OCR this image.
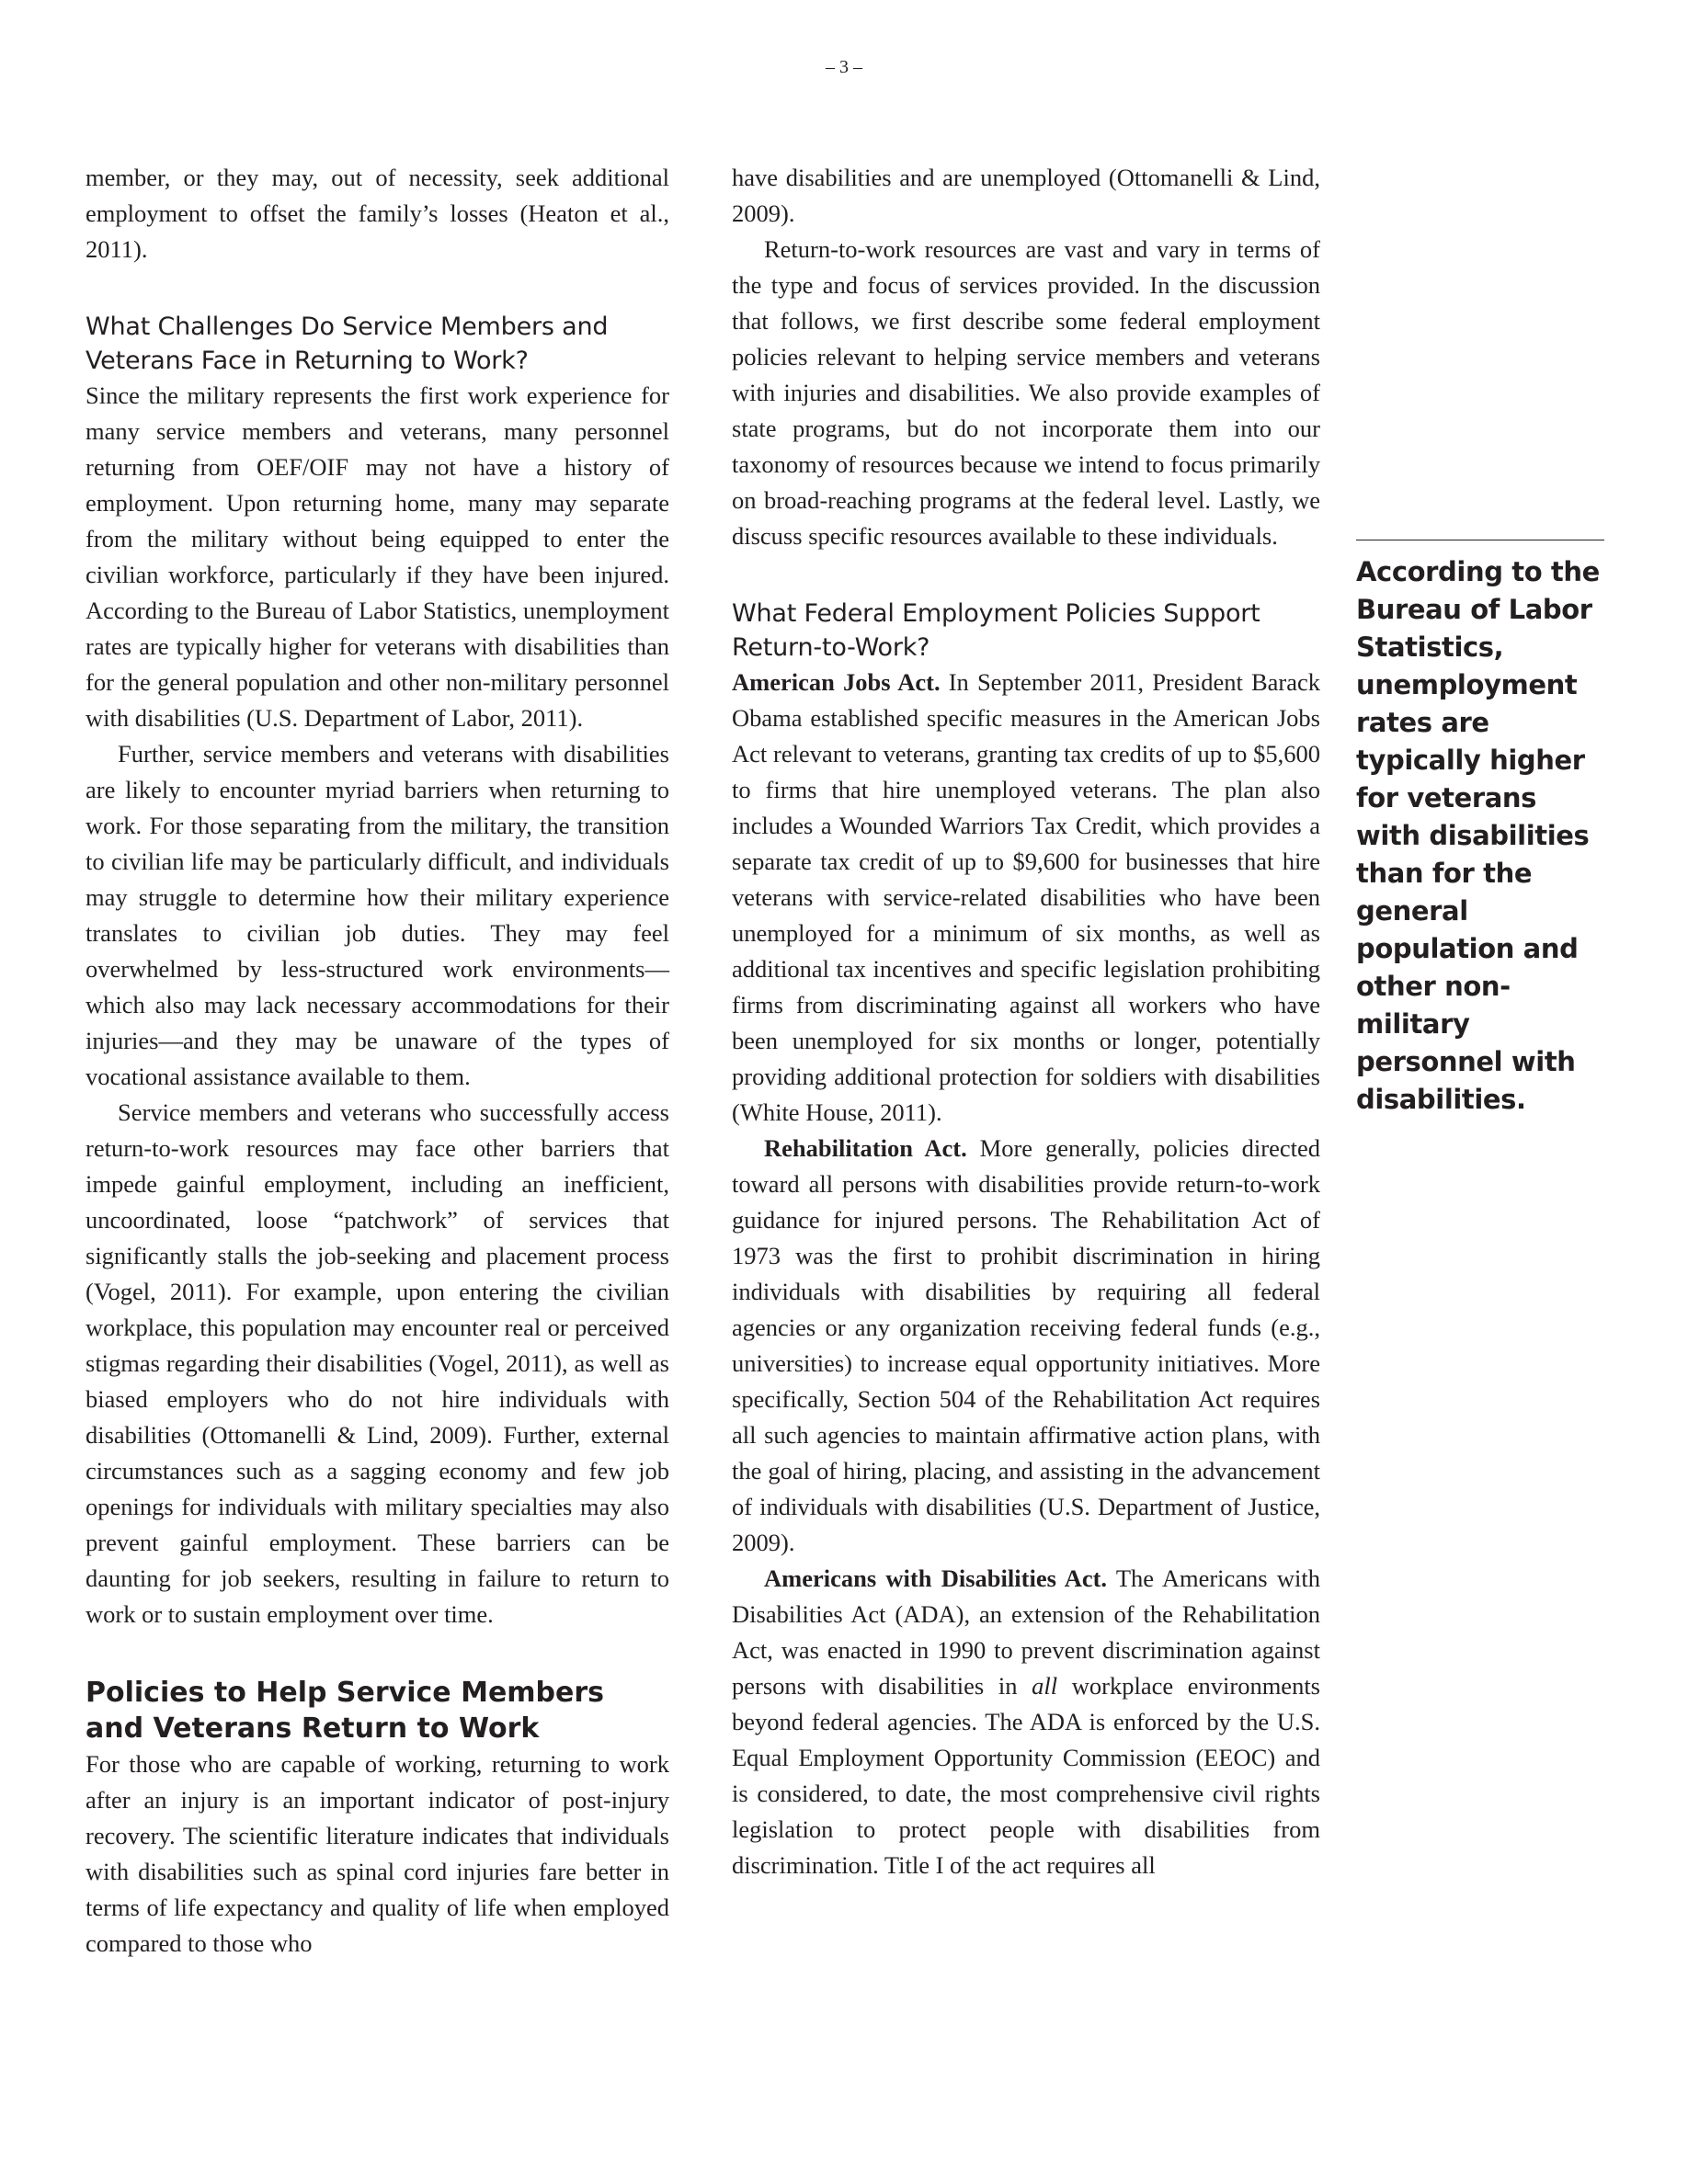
– 3 –

member, or they may, out of necessity, seek additional employment to offset the family’s losses (Heaton et al., 2011).

What Challenges Do Service Members and Veterans Face in Returning to Work?

Since the military represents the first work experience for many service members and veterans, many personnel returning from OEF/OIF may not have a history of employment. Upon returning home, many may separate from the military without being equipped to enter the civilian workforce, particularly if they have been injured. According to the Bureau of Labor Statistics, unemployment rates are typically higher for veterans with disabilities than for the general population and other non-military personnel with disabilities (U.S. Department of Labor, 2011).

Further, service members and veterans with disabilities are likely to encounter myriad barriers when returning to work. For those separating from the military, the transition to civilian life may be particularly difficult, and individuals may struggle to determine how their military experience translates to civilian job duties. They may feel overwhelmed by less-structured work environments—which also may lack necessary accommodations for their injuries—and they may be unaware of the types of vocational assistance available to them.

Service members and veterans who successfully access return-to-work resources may face other barriers that impede gainful employment, including an inefficient, uncoordinated, loose “patchwork” of services that significantly stalls the job-seeking and placement process (Vogel, 2011). For example, upon entering the civilian workplace, this population may encounter real or perceived stigmas regarding their disabilities (Vogel, 2011), as well as biased employers who do not hire individuals with disabilities (Ottomanelli & Lind, 2009). Further, external circumstances such as a sagging economy and few job openings for individuals with military specialties may also prevent gainful employment. These barriers can be daunting for job seekers, resulting in failure to return to work or to sustain employment over time.

Policies to Help Service Members and Veterans Return to Work

For those who are capable of working, returning to work after an injury is an important indicator of post-injury recovery. The scientific literature indicates that individuals with disabilities such as spinal cord injuries fare better in terms of life expectancy and quality of life when employed compared to those who

have disabilities and are unemployed (Ottomanelli & Lind, 2009).

Return-to-work resources are vast and vary in terms of the type and focus of services provided. In the discussion that follows, we first describe some federal employment policies relevant to helping service members and veterans with injuries and disabilities. We also provide examples of state programs, but do not incorporate them into our taxonomy of resources because we intend to focus primarily on broad-reaching programs at the federal level. Lastly, we discuss specific resources available to these individuals.

What Federal Employment Policies Support Return-to-Work?

American Jobs Act. In September 2011, President Barack Obama established specific measures in the American Jobs Act relevant to veterans, granting tax credits of up to $5,600 to firms that hire unemployed veterans. The plan also includes a Wounded Warriors Tax Credit, which provides a separate tax credit of up to $9,600 for businesses that hire veterans with service-related disabilities who have been unemployed for a minimum of six months, as well as additional tax incentives and specific legislation prohibiting firms from discriminating against all workers who have been unemployed for six months or longer, potentially providing additional protection for soldiers with disabilities (White House, 2011).

Rehabilitation Act. More generally, policies directed toward all persons with disabilities provide return-to-work guidance for injured persons. The Rehabilitation Act of 1973 was the first to prohibit discrimination in hiring individuals with disabilities by requiring all federal agencies or any organization receiving federal funds (e.g., universities) to increase equal opportunity initiatives. More specifically, Section 504 of the Rehabilitation Act requires all such agencies to maintain affirmative action plans, with the goal of hiring, placing, and assisting in the advancement of individuals with disabilities (U.S. Department of Justice, 2009).

Americans with Disabilities Act. The Americans with Disabilities Act (ADA), an extension of the Rehabilitation Act, was enacted in 1990 to prevent discrimination against persons with disabilities in all workplace environments beyond federal agencies. The ADA is enforced by the U.S. Equal Employment Opportunity Commission (EEOC) and is considered, to date, the most comprehensive civil rights legislation to protect people with disabilities from discrimination. Title I of the act requires all

According to the Bureau of Labor Statistics, unemployment rates are typically higher for veterans with disabilities than for the general population and other non-military personnel with disabilities.
